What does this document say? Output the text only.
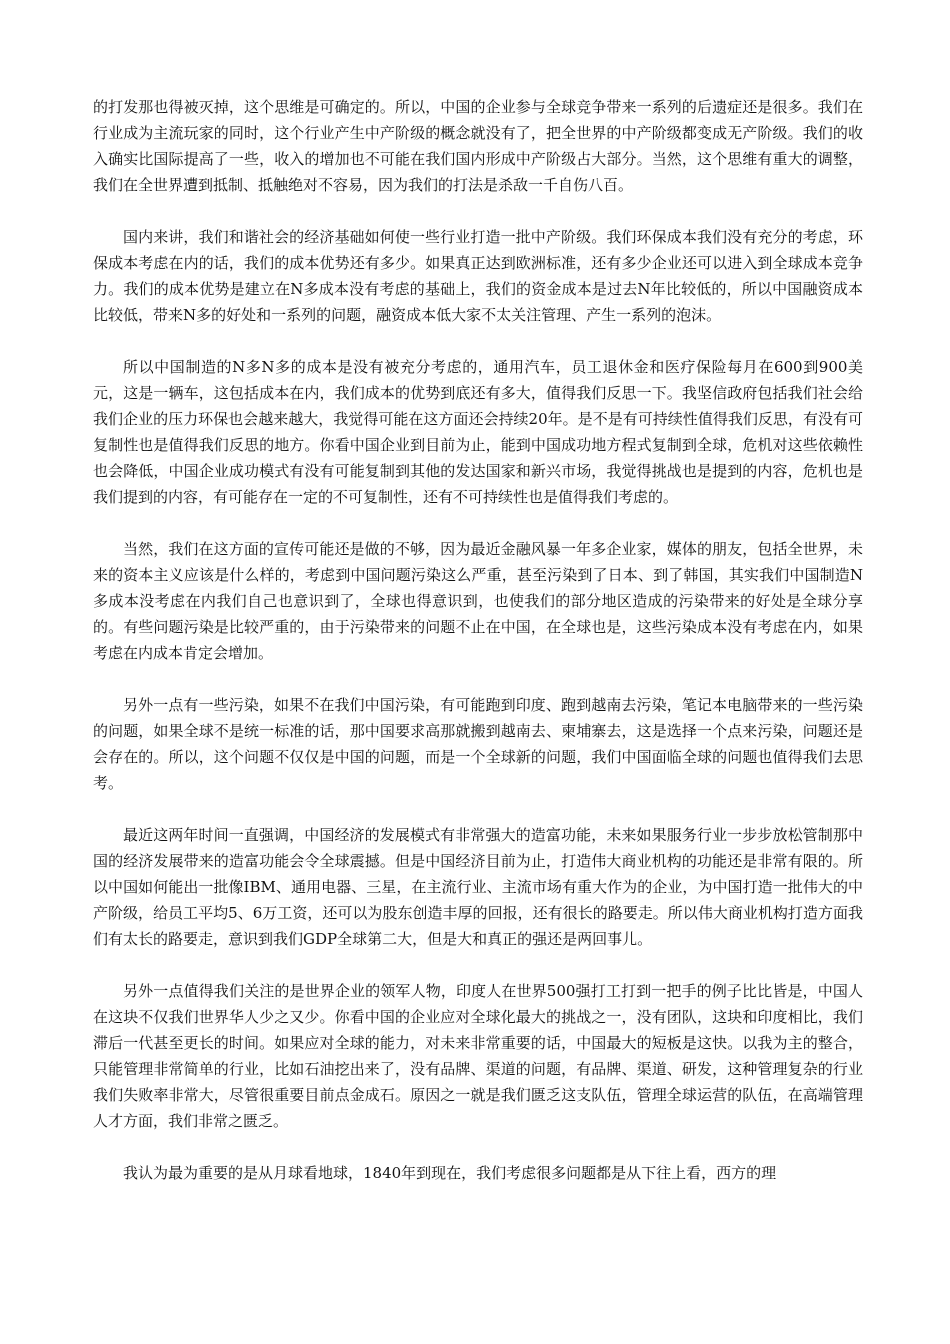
的打发那也得被灭掉，这个思维是可确定的。所以，中国的企业参与全球竞争带来一系列的后遗症还是很多。我们在行业成为主流玩家的同时，这个行业产生中产阶级的概念就没有了，把全世界的中产阶级都变成无产阶级。我们的收入确实比国际提高了一些，收入的增加也不可能在我们国内形成中产阶级占大部分。当然，这个思维有重大的调整，我们在全世界遭到抵制、抵触绝对不容易，因为我们的打法是杀敌一千自伤八百。

国内来讲，我们和谐社会的经济基础如何使一些行业打造一批中产阶级。我们环保成本我们没有充分的考虑，环保成本考虑在内的话，我们的成本优势还有多少。如果真正达到欧洲标准，还有多少企业还可以进入到全球成本竞争力。我们的成本优势是建立在N多成本没有考虑的基础上，我们的资金成本是过去N年比较低的，所以中国融资成本比较低，带来N多的好处和一系列的问题，融资成本低大家不太关注管理、产生一系列的泡沫。

所以中国制造的N多N多的成本是没有被充分考虑的，通用汽车，员工退休金和医疗保险每月在600到900美元，这是一辆车，这包括成本在内，我们成本的优势到底还有多大，值得我们反思一下。我坚信政府包括我们社会给我们企业的压力环保也会越来越大，我觉得可能在这方面还会持续20年。是不是有可持续性值得我们反思，有没有可复制性也是值得我们反思的地方。你看中国企业到目前为止，能到中国成功地方程式复制到全球，危机对这些依赖性也会降低，中国企业成功模式有没有可能复制到其他的发达国家和新兴市场，我觉得挑战也是提到的内容，危机也是我们提到的内容，有可能存在一定的不可复制性，还有不可持续性也是值得我们考虑的。

当然，我们在这方面的宣传可能还是做的不够，因为最近金融风暴一年多企业家，媒体的朋友，包括全世界，未来的资本主义应该是什么样的，考虑到中国问题污染这么严重，甚至污染到了日本、到了韩国，其实我们中国制造N多成本没考虑在内我们自己也意识到了，全球也得意识到，也使我们的部分地区造成的污染带来的好处是全球分享的。有些问题污染是比较严重的，由于污染带来的问题不止在中国，在全球也是，这些污染成本没有考虑在内，如果考虑在内成本肯定会增加。

另外一点有一些污染，如果不在我们中国污染，有可能跑到印度、跑到越南去污染，笔记本电脑带来的一些污染的问题，如果全球不是统一标准的话，那中国要求高那就搬到越南去、柬埔寨去，这是选择一个点来污染，问题还是会存在的。所以，这个问题不仅仅是中国的问题，而是一个全球新的问题，我们中国面临全球的问题也值得我们去思考。

最近这两年时间一直强调，中国经济的发展模式有非常强大的造富功能，未来如果服务行业一步步放松管制那中国的经济发展带来的造富功能会令全球震撼。但是中国经济目前为止，打造伟大商业机构的功能还是非常有限的。所以中国如何能出一批像IBM、通用电器、三星，在主流行业、主流市场有重大作为的企业，为中国打造一批伟大的中产阶级，给员工平均5、6万工资，还可以为股东创造丰厚的回报，还有很长的路要走。所以伟大商业机构打造方面我们有太长的路要走，意识到我们GDP全球第二大，但是大和真正的强还是两回事儿。

另外一点值得我们关注的是世界企业的领军人物，印度人在世界500强打工打到一把手的例子比比皆是，中国人在这块不仅我们世界华人少之又少。你看中国的企业应对全球化最大的挑战之一，没有团队，这块和印度相比，我们滞后一代甚至更长的时间。如果应对全球的能力，对未来非常重要的话，中国最大的短板是这快。以我为主的整合，只能管理非常简单的行业，比如石油挖出来了，没有品牌、渠道的问题，有品牌、渠道、研发，这种管理复杂的行业我们失败率非常大，尽管很重要目前点金成石。原因之一就是我们匮乏这支队伍，管理全球运营的队伍，在高端管理人才方面，我们非常之匮乏。

我认为最为重要的是从月球看地球，1840年到现在，我们考虑很多问题都是从下往上看，西方的理
